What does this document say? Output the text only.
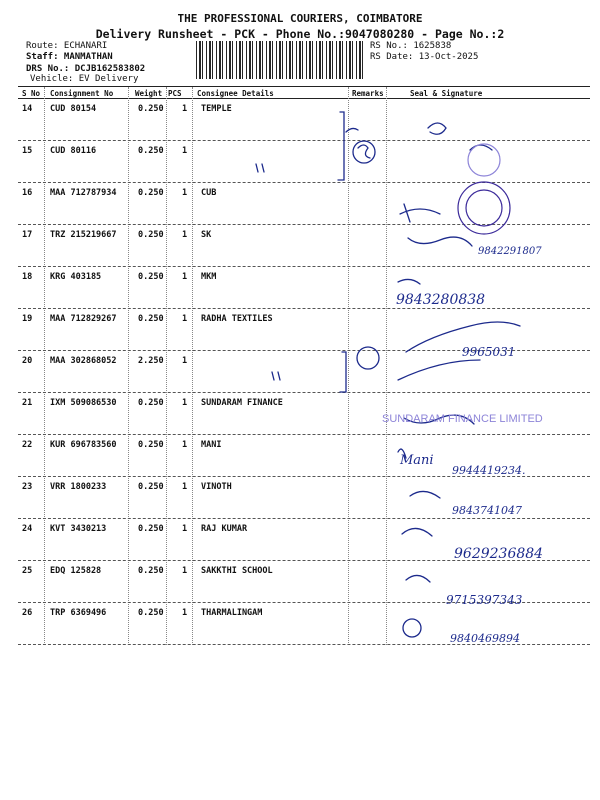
THE PROFESSIONAL COURIERS, COIMBATORE
Delivery Runsheet - PCK - Phone No.:9047080280 - Page No.:2
Route: ECHANARI
Staff: MANMATHAN
DRS No.: DCJB162583802
Vehicle: EV Delivery
RS No.: 1625838
RS Date: 13-Oct-2025
S No Consignment No	Weight PCS Consignee Details	Remarks	Seal & Signature
14 CUD 80154	0.250 1 TEMPLE
15 CUD 80116	0.250 1
16 MAA 712787934	0.250 1 CUB
17 TRZ 215219667	0.250 1 SK
18 KRG 403185	0.250 1 MKM
19 MAA 712829267	0.250 1 RADHA TEXTILES
20 MAA 302868052	2.250 1
21 IXM 509086530	0.250 1 SUNDARAM FINANCE
22 KUR 696783560	0.250 1 MANI
23 VRR 1800233	0.250 1 VINOTH
24 KVT 3430213	0.250 1 RAJ KUMAR
25 EDQ 125828	0.250 1 SAKKTHI SCHOOL
26 TRP 6369496	0.250 1 THARMALINGAM
9842291807
9843280838
9965031
SUNDARAM FINANCE LIMITED
Mani
9944419234.
9843741047
9629236884
9715397343
9840469894
